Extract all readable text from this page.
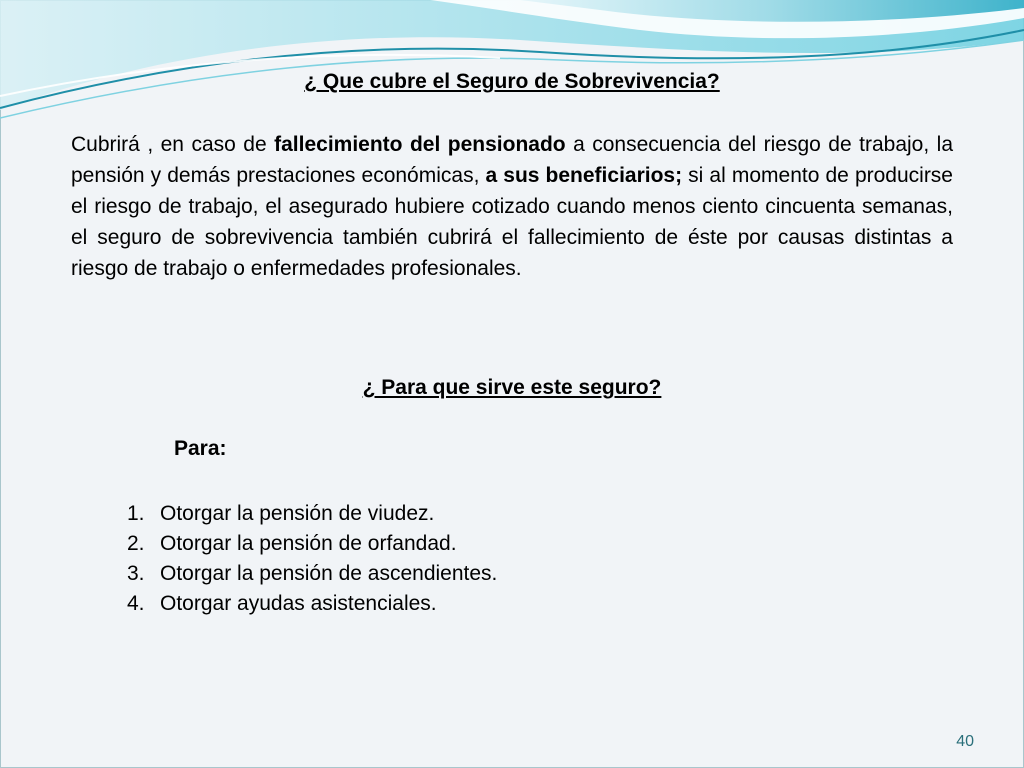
¿ Que cubre el Seguro de Sobrevivencia?

Cubrirá , en caso de fallecimiento del pensionado a consecuencia del riesgo de trabajo, la pensión y demás prestaciones económicas, a sus beneficiarios; si al momento de producirse el riesgo de trabajo, el asegurado hubiere cotizado cuando menos ciento cincuenta semanas, el seguro de sobrevivencia también cubrirá el fallecimiento de éste por causas distintas a riesgo de trabajo o enfermedades profesionales.

¿ Para que sirve este seguro?

Para:

1. Otorgar la pensión de viudez.
2. Otorgar la pensión de orfandad.
3. Otorgar la pensión de ascendientes.
4. Otorgar ayudas asistenciales.
40
